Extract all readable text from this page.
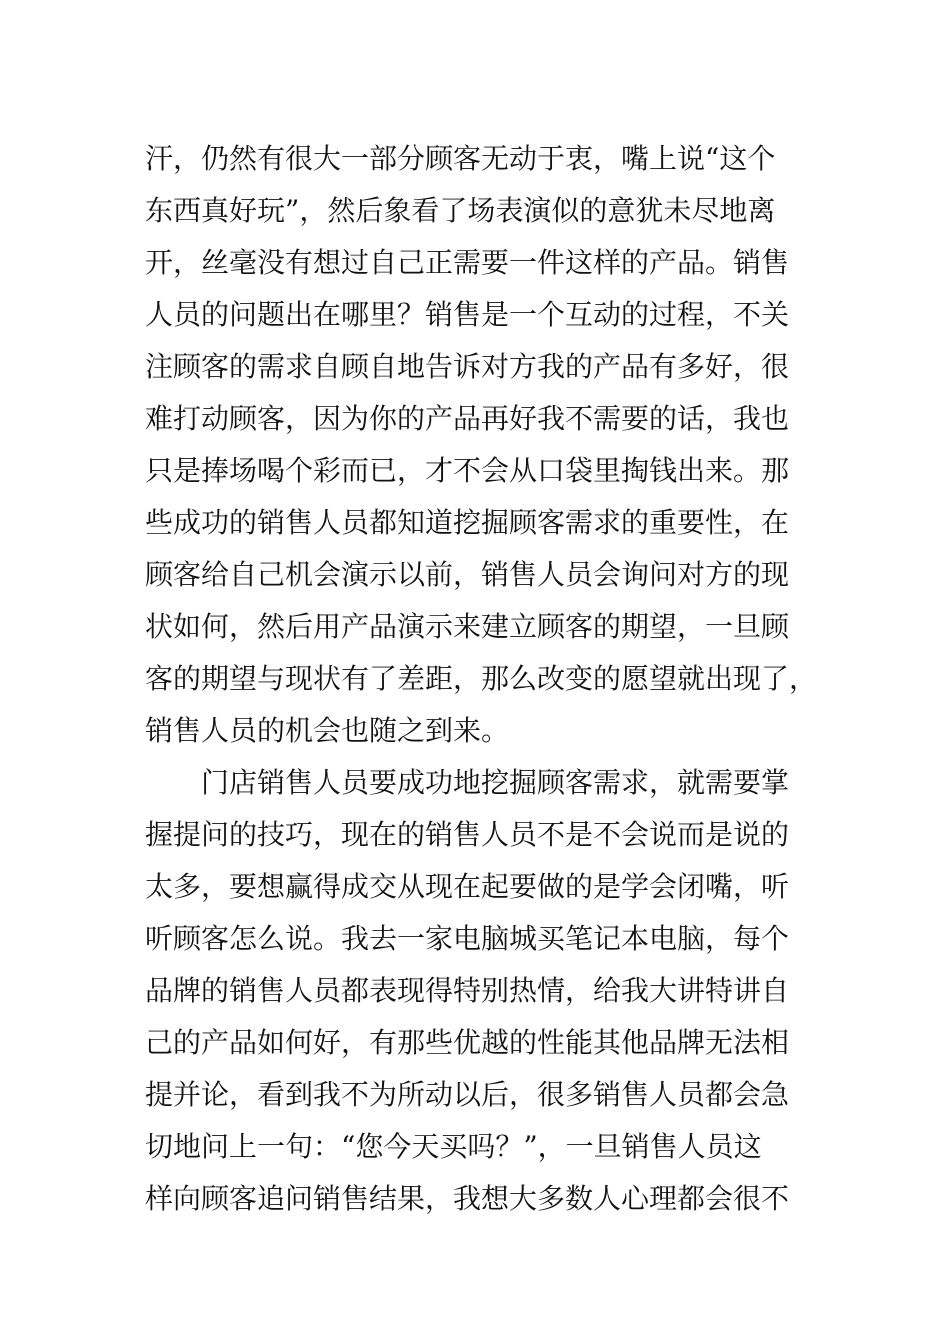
汗，仍然有很大一部分顾客无动于衷，嘴上说“这个
东西真好玩”，然后象看了场表演似的意犹未尽地离
开，丝毫没有想过自己正需要一件这样的产品。销售
人员的问题出在哪里？销售是一个互动的过程，不关
注顾客的需求自顾自地告诉对方我的产品有多好，很
难打动顾客，因为你的产品再好我不需要的话，我也
只是捧场喝个彩而已，才不会从口袋里掏钱出来。那
些成功的销售人员都知道挖掘顾客需求的重要性，在
顾客给自己机会演示以前，销售人员会询问对方的现
状如何，然后用产品演示来建立顾客的期望，一旦顾
客的期望与现状有了差距，那么改变的愿望就出现了，
销售人员的机会也随之到来。
　　门店销售人员要成功地挖掘顾客需求，就需要掌
握提问的技巧，现在的销售人员不是不会说而是说的
太多，要想赢得成交从现在起要做的是学会闭嘴，听
听顾客怎么说。我去一家电脑城买笔记本电脑，每个
品牌的销售人员都表现得特别热情，给我大讲特讲自
己的产品如何好，有那些优越的性能其他品牌无法相
提并论，看到我不为所动以后，很多销售人员都会急
切地问上一句：“您今天买吗？”，一旦销售人员这
样向顾客追问销售结果，我想大多数人心理都会很不
